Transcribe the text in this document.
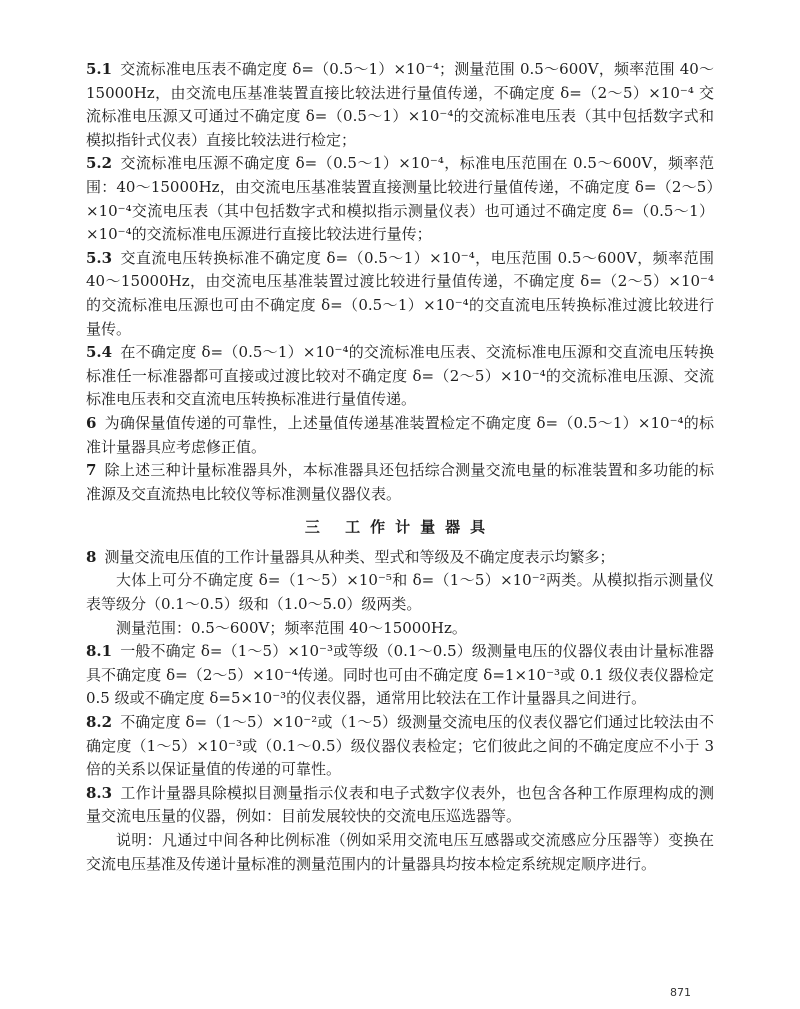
5.1 交流标准电压表不确定度 δ=（0.5～1）×10⁻⁴；测量范围 0.5～600V，频率范围 40～15000Hz，由交流电压基准装置直接比较法进行量值传递，不确定度 δ=（2～5）×10⁻⁴ 交流标准电压源又可通过不确定度 δ=（0.5～1）×10⁻⁴的交流标准电压表（其中包括数字式和模拟指针式仪表）直接比较法进行检定；

5.2 交流标准电压源不确定度 δ=（0.5～1）×10⁻⁴，标准电压范围在 0.5～600V，频率范围：40～15000Hz，由交流电压基准装置直接测量比较进行量值传递，不确定度 δ=（2～5）×10⁻⁴交流电压表（其中包括数字式和模拟指示测量仪表）也可通过不确定度 δ=（0.5～1）×10⁻⁴的交流标准电压源进行直接比较法进行量传；

5.3 交直流电压转换标准不确定度 δ=（0.5～1）×10⁻⁴，电压范围 0.5～600V，频率范围 40～15000Hz，由交流电压基准装置过渡比较进行量值传递，不确定度 δ=（2～5）×10⁻⁴的交流标准电压源也可由不确定度 δ=（0.5～1）×10⁻⁴的交直流电压转换标准过渡比较进行量传。

5.4 在不确定度 δ=（0.5～1）×10⁻⁴的交流标准电压表、交流标准电压源和交直流电压转换标准任一标准器都可直接或过渡比较对不确定度 δ=（2～5）×10⁻⁴的交流标准电压源、交流标准电压表和交直流电压转换标准进行量值传递。

6 为确保量值传递的可靠性，上述量值传递基准装置检定不确定度 δ=（0.5～1）×10⁻⁴的标准计量器具应考虑修正值。

7 除上述三种计量标准器具外，本标准器具还包括综合测量交流电量的标准装置和多功能的标准源及交直流热电比较仪等标准测量仪器仪表。

三 工作计量器具

8 测量交流电压值的工作计量器具从种类、型式和等级及不确定度表示均繁多；

大体上可分不确定度 δ=（1～5）×10⁻⁵和 δ=（1～5）×10⁻²两类。从模拟指示测量仪表等级分（0.1～0.5）级和（1.0～5.0）级两类。

测量范围：0.5～600V；频率范围 40～15000Hz。

8.1 一般不确定 δ=（1～5）×10⁻³或等级（0.1～0.5）级测量电压的仪器仪表由计量标准器具不确定度 δ=（2～5）×10⁻⁴传递。同时也可由不确定度 δ=1×10⁻³或 0.1 级仪表仪器检定 0.5 级或不确定度 δ=5×10⁻³的仪表仪器，通常用比较法在工作计量器具之间进行。

8.2 不确定度 δ=（1～5）×10⁻²或（1～5）级测量交流电压的仪表仪器它们通过比较法由不确定度（1～5）×10⁻³或（0.1～0.5）级仪器仪表检定；它们彼此之间的不确定度应不小于 3 倍的关系以保证量值的传递的可靠性。

8.3 工作计量器具除模拟目测量指示仪表和电子式数字仪表外，也包含各种工作原理构成的测量交流电压量的仪器，例如：目前发展较快的交流电压巡选器等。

说明：凡通过中间各种比例标准（例如采用交流电压互感器或交流感应分压器等）变换在交流电压基准及传递计量标准的测量范围内的计量器具均按本检定系统规定顺序进行。

871
